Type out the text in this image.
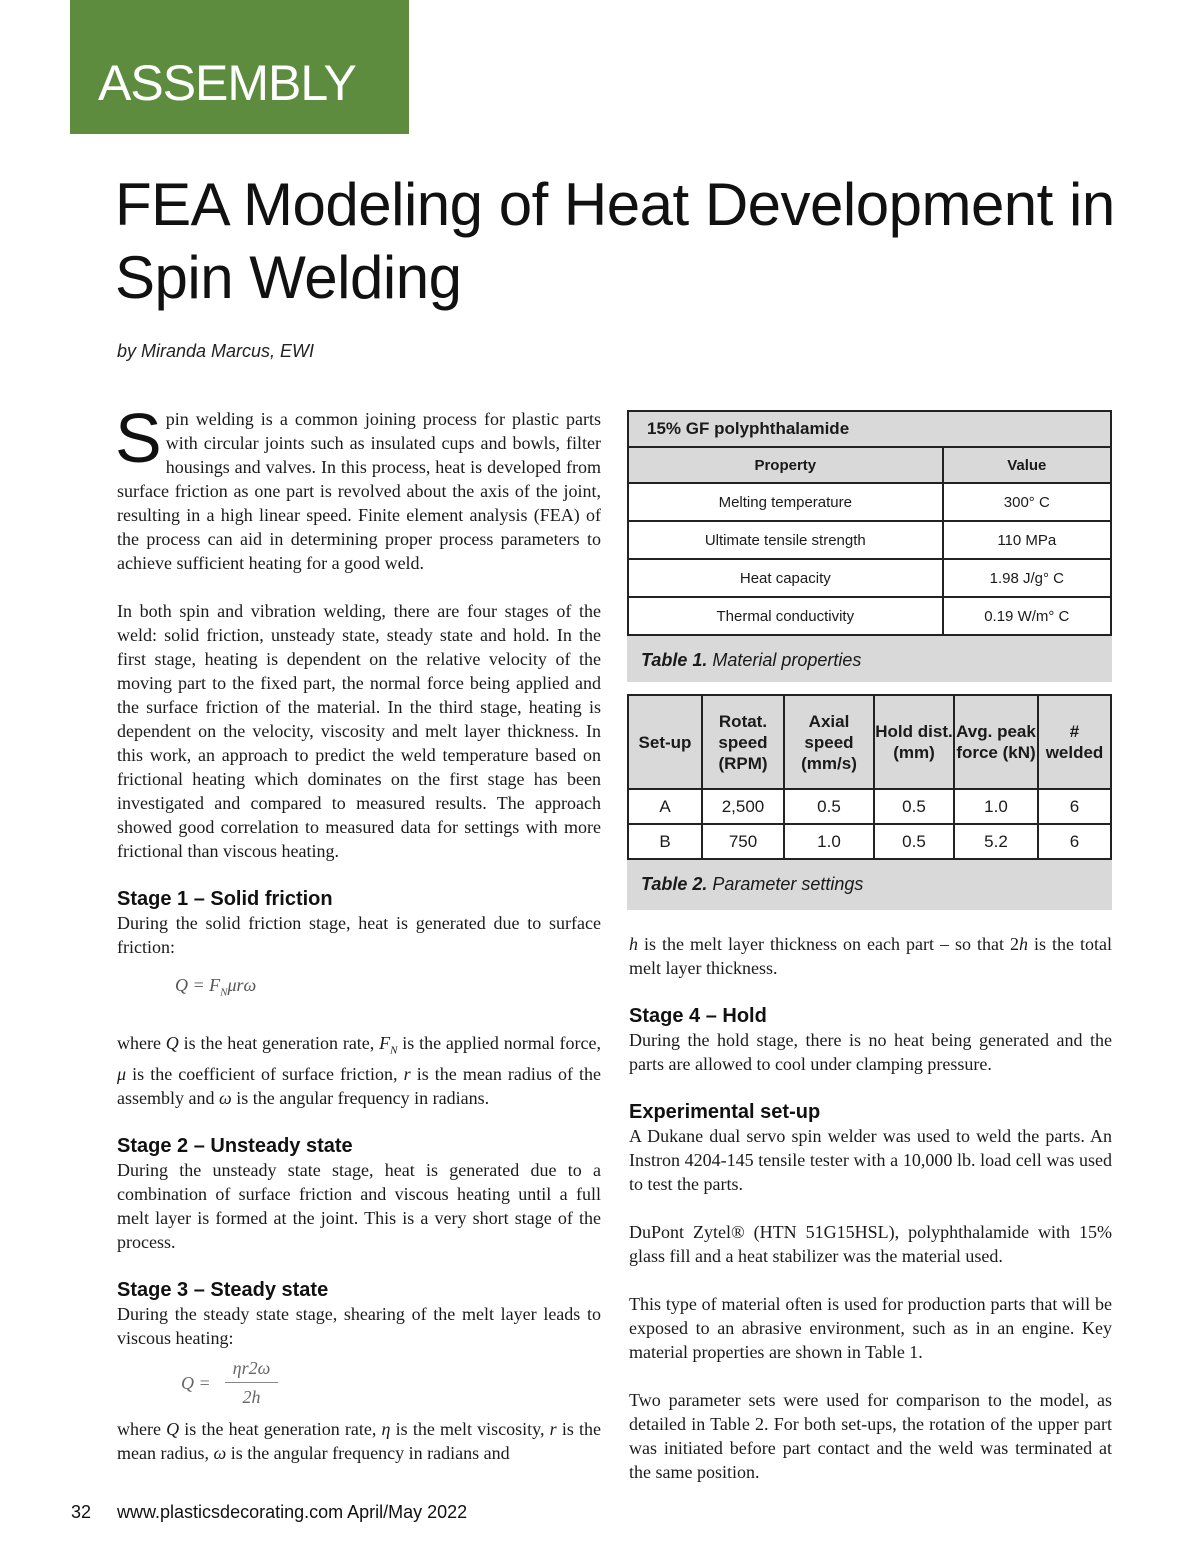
ASSEMBLY
FEA Modeling of Heat Development in Spin Welding
by Miranda Marcus, EWI

Spin welding is a common joining process for plastic parts with circular joints such as insulated cups and bowls, filter housings and valves. In this process, heat is developed from surface friction as one part is revolved about the axis of the joint, resulting in a high linear speed. Finite element analysis (FEA) of the process can aid in determining proper process parameters to achieve sufficient heating for a good weld.

In both spin and vibration welding, there are four stages of the weld: solid friction, unsteady state, steady state and hold. In the first stage, heating is dependent on the relative velocity of the moving part to the fixed part, the normal force being applied and the surface friction of the material. In the third stage, heating is dependent on the velocity, viscosity and melt layer thickness. In this work, an approach to predict the weld temperature based on frictional heating which dominates on the first stage has been investigated and compared to measured results. The approach showed good correlation to measured data for settings with more frictional than viscous heating.

Stage 1 – Solid friction

During the solid friction stage, heat is generated due to surface friction:

$Q = F_N\mu r\omega$

where Q is the heat generation rate, $F_N$ is the applied normal force, μ is the coefficient of surface friction, r is the mean radius of the assembly and ω is the angular frequency in radians.

Stage 2 – Unsteady state

During the unsteady state stage, heat is generated due to a combination of surface friction and viscous heating until a full melt layer is formed at the joint. This is a very short stage of the process.

Stage 3 – Steady state

During the steady state stage, shearing of the melt layer leads to viscous heating:

$Q = \frac{\eta r2\omega}{2h}$

where Q is the heat generation rate, η is the melt viscosity, r is the mean radius, ω is the angular frequency in radians and

15% GF polyphthalamide	
Property	Value
Melting temperature	300° C
Ultimate tensile strength	110 MPa
Heat capacity	1.98 J/g° C
Thermal conductivity	0.19 W/m° C
Table 1. Material properties
Set-up	Rotat. speed (RPM)	Axial speed (mm/s)	Hold dist. (mm)	Avg. peak force (kN)	# welded
A	2,500	0.5	0.5	1.0	6
B	750	1.0	0.5	5.2	6
Table 2. Parameter settings

h is the melt layer thickness on each part – so that 2h is the total melt layer thickness.

Stage 4 – Hold

During the hold stage, there is no heat being generated and the parts are allowed to cool under clamping pressure.

Experimental set-up

A Dukane dual servo spin welder was used to weld the parts. An Instron 4204-145 tensile tester with a 10,000 lb. load cell was used to test the parts.

DuPont Zytel® (HTN 51G15HSL), polyphthalamide with 15% glass fill and a heat stabilizer was the material used.

This type of material often is used for production parts that will be exposed to an abrasive environment, such as in an engine. Key material properties are shown in Table 1.

Two parameter sets were used for comparison to the model, as detailed in Table 2. For both set-ups, the rotation of the upper part was initiated before part contact and the weld was terminated at the same position.

32 www.plasticsdecorating.com April/May 2022
